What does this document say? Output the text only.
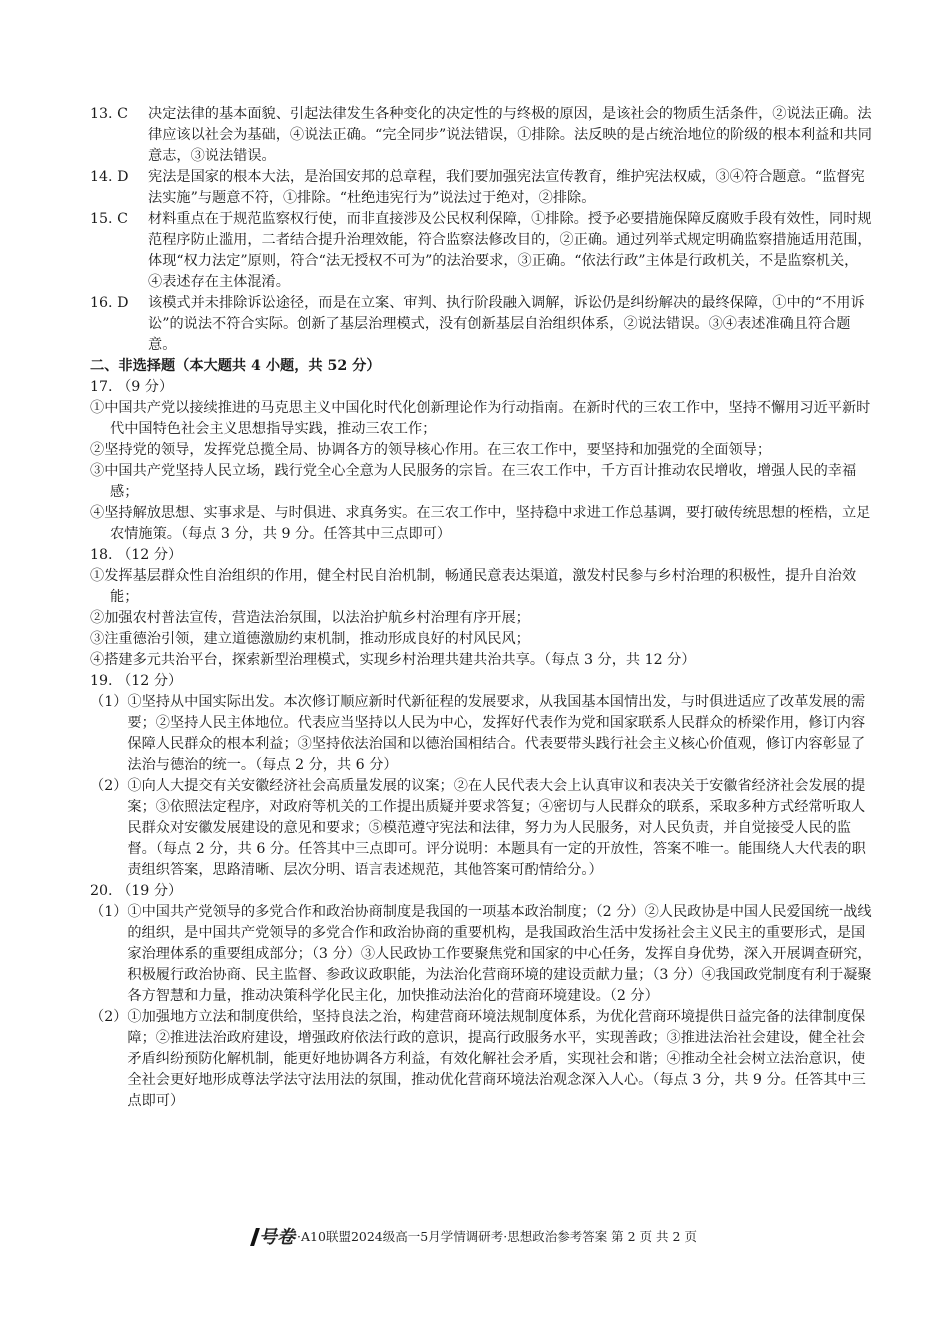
13. C	决定法律的基本面貌、引起法律发生各种变化的决定性的与终极的原因，是该社会的物质生活条件，②说法正确。法律应该以社会为基础，④说法正确。“完全同步”说法错误，①排除。法反映的是占统治地位的阶级的根本利益和共同意志，③说法错误。
14. D	宪法是国家的根本大法，是治国安邦的总章程，我们要加强宪法宣传教育，维护宪法权威，③④符合题意。“监督宪法实施”与题意不符，①排除。“杜绝违宪行为”说法过于绝对，②排除。
15. C	材料重点在于规范监察权行使，而非直接涉及公民权利保障，①排除。授予必要措施保障反腐败手段有效性，同时规范程序防止滥用，二者结合提升治理效能，符合监察法修改目的，②正确。通过列举式规定明确监察措施适用范围，体现“权力法定”原则，符合“法无授权不可为”的法治要求，③正确。“依法行政”主体是行政机关，不是监察机关，④表述存在主体混淆。
16. D	该模式并未排除诉讼途径，而是在立案、审判、执行阶段融入调解，诉讼仍是纠纷解决的最终保障，①中的“不用诉讼”的说法不符合实际。创新了基层治理模式，没有创新基层自治组织体系，②说法错误。③④表述准确且符合题意。
二、非选择题（本大题共 4 小题，共 52 分）
17. （9 分）
①中国共产党以接续推进的马克思主义中国化时代化创新理论作为行动指南。在新时代的三农工作中，坚持不懈用习近平新时代中国特色社会主义思想指导实践，推动三农工作；
②坚持党的领导，发挥党总揽全局、协调各方的领导核心作用。在三农工作中，要坚持和加强党的全面领导；
③中国共产党坚持人民立场，践行党全心全意为人民服务的宗旨。在三农工作中，千方百计推动农民增收，增强人民的幸福感；
④坚持解放思想、实事求是、与时俱进、求真务实。在三农工作中，坚持稳中求进工作总基调，要打破传统思想的桎梏，立足农情施策。（每点 3 分，共 9 分。任答其中三点即可）
18. （12 分）
①发挥基层群众性自治组织的作用，健全村民自治机制，畅通民意表达渠道，激发村民参与乡村治理的积极性，提升自治效能；
②加强农村普法宣传，营造法治氛围，以法治护航乡村治理有序开展；
③注重德治引领，建立道德激励约束机制，推动形成良好的村风民风；
④搭建多元共治平台，探索新型治理模式，实现乡村治理共建共治共享。（每点 3 分，共 12 分）
19. （12 分）
（1） ①坚持从中国实际出发。本次修订顺应新时代新征程的发展要求，从我国基本国情出发，与时俱进适应了改革发展的需要；②坚持人民主体地位。代表应当坚持以人民为中心，发挥好代表作为党和国家联系人民群众的桥梁作用，修订内容保障人民群众的根本利益；③坚持依法治国和以德治国相结合。代表要带头践行社会主义核心价值观，修订内容彰显了法治与德治的统一。（每点 2 分，共 6 分）
（2） ①向人大提交有关安徽经济社会高质量发展的议案；②在人民代表大会上认真审议和表决关于安徽省经济社会发展的提案；③依照法定程序，对政府等机关的工作提出质疑并要求答复；④密切与人民群众的联系，采取多种方式经常听取人民群众对安徽发展建设的意见和要求；⑤模范遵守宪法和法律，努力为人民服务，对人民负责，并自觉接受人民的监督。（每点 2 分，共 6 分。任答其中三点即可。评分说明：本题具有一定的开放性，答案不唯一。能围绕人大代表的职责组织答案，思路清晰、层次分明、语言表述规范，其他答案可酌情给分。）
20. （19 分）
（1） ①中国共产党领导的多党合作和政治协商制度是我国的一项基本政治制度；（2 分）②人民政协是中国人民爱国统一战线的组织，是中国共产党领导的多党合作和政治协商的重要机构，是我国政治生活中发扬社会主义民主的重要形式，是国家治理体系的重要组成部分；（3 分）③人民政协工作要聚焦党和国家的中心任务，发挥自身优势，深入开展调查研究，积极履行政治协商、民主监督、参政议政职能，为法治化营商环境的建设贡献力量；（3 分）④我国政党制度有利于凝聚各方智慧和力量，推动决策科学化民主化，加快推动法治化的营商环境建设。（2 分）
（2） ①加强地方立法和制度供给，坚持良法之治，构建营商环境法规制度体系，为优化营商环境提供日益完备的法律制度保障；②推进法治政府建设，增强政府依法行政的意识，提高行政服务水平，实现善政；③推进法治社会建设，健全社会矛盾纠纷预防化解机制，能更好地协调各方利益，有效化解社会矛盾，实现社会和谐；④推动全社会树立法治意识，使全社会更好地形成尊法学法守法用法的氛围，推动优化营商环境法治观念深入人心。（每点 3 分，共 9 分。任答其中三点即可）
号卷 ·A10联盟2024级高一5月学情调研考·思想政治参考答案 第 2 页 共 2 页
